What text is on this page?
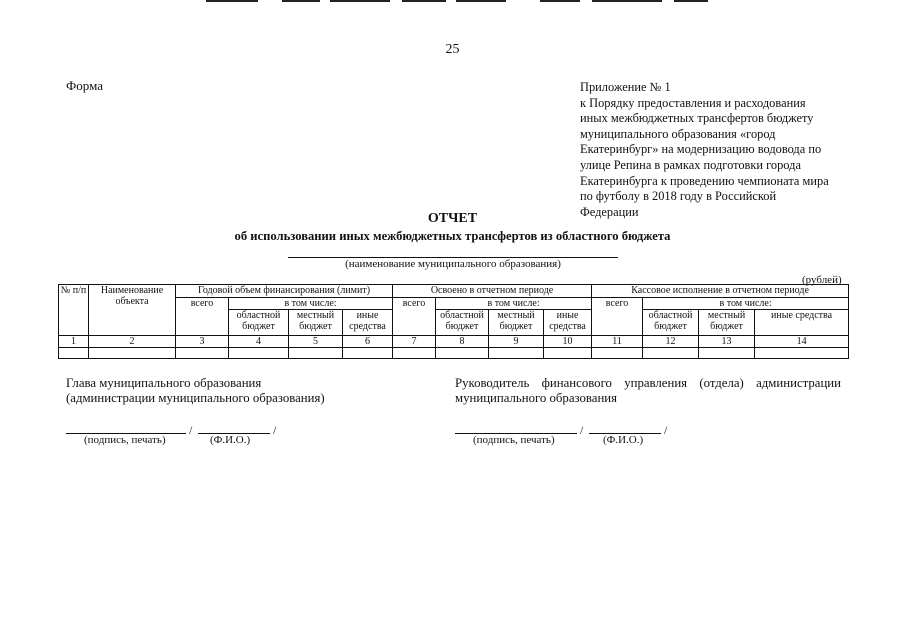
25
Форма	Приложение № 1
к Порядку предоставления и расходования
иных межбюджетных трансфертов бюджету
муниципального образования «город
Екатеринбург» на модернизацию водовода по
улице Репина в рамках подготовки города
Екатеринбурга к проведению чемпионата мира
по футболу в 2018 году в Российской
Федерации
ОТЧЕТ
об использовании иных межбюджетных трансфертов из областного бюджета
(наименование муниципального образования)
(рублей)
№ п/п	Наименование объекта	Годовой объем финансирования (лимит)				Освоено в отчетном периоде				Кассовое исполнение в отчетном периоде			
		всего	в том числе:			всего	в том числе:			всего	в том числе:		
			областной бюджет	местный бюджет	иные средства		областной бюджет	местный бюджет	иные средства		областной бюджет	местный бюджет	иные средства
1	2	3	4	5	6	7	8	9	10	11	12	13	14

Глава муниципального образования
(администрации муниципального образования)
Руководитель финансового управления (отдела) администрации
муниципального образования
/	/
(подпись, печать)	(Ф.И.О.)
/	/
(подпись, печать)	(Ф.И.О.)
